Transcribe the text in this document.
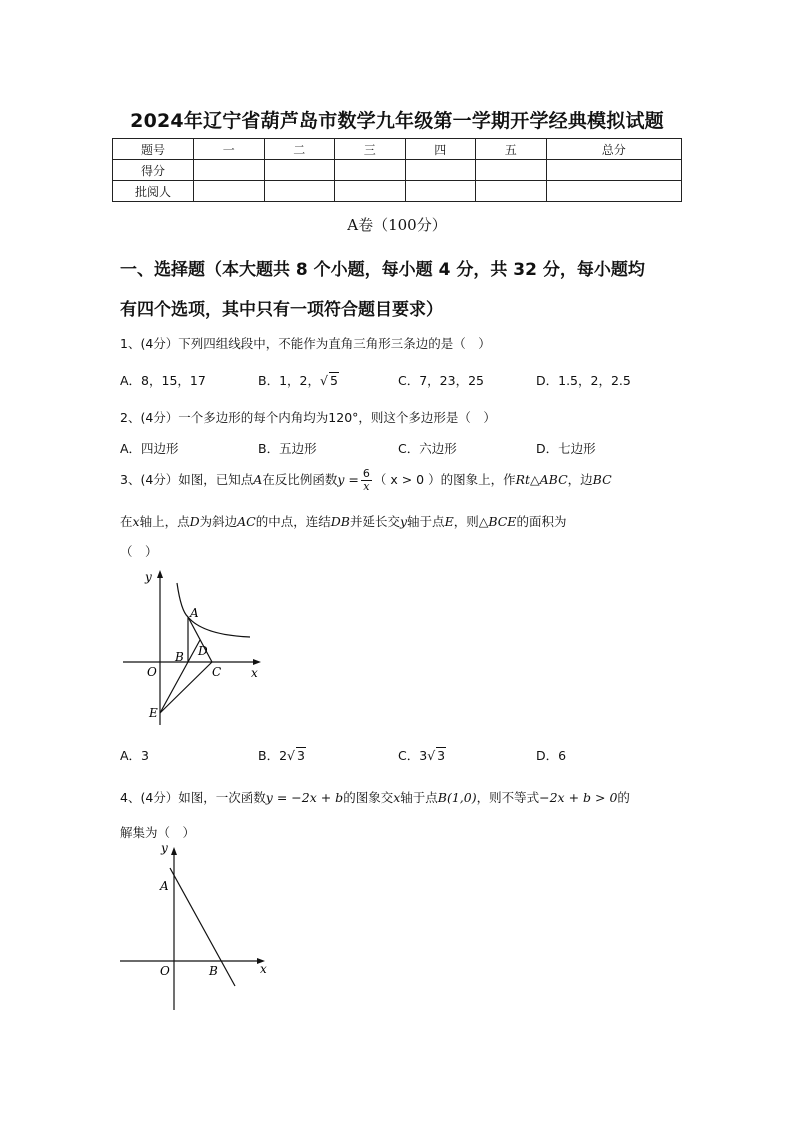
2024年辽宁省葫芦岛市数学九年级第一学期开学经典模拟试题
题号	一	二	三	四	五	总分
得分						
批阅人						
A卷（100分）
一、选择题（本大题共 8 个小题，每小题 4 分，共 32 分，每小题均
有四个选项，其中只有一项符合题目要求）
1、(4分）下列四组线段中，不能作为直角三角形三条边的是（　）
A．8，15，17	B．1，2，√ 5	C．7，23，25	D．1.5，2，2.5
2、(4分）一个多边形的每个内角均为120°，则这个多边形是（　）
A．四边形	B．五边形	C．六边形	D．七边形
3、(4分）如图，已知点A在反比例函数$y = \frac{6}{x}$ （ x > 0 ）的图象上，作Rt△ABC，边BC
在x轴上，点D为斜边AC的中点，连结DB并延长交y轴于点E，则△BCE的面积为
（　）
y
x
O
A
B
C
D
E
A．3	B．2√ 3	C．3√ 3	D．6
4、(4分）如图，一次函数y = −2x + b的图象交x轴于点B(1,0)，则不等式−2x + b > 0的
解集为（　）
y
x
O
A
B
